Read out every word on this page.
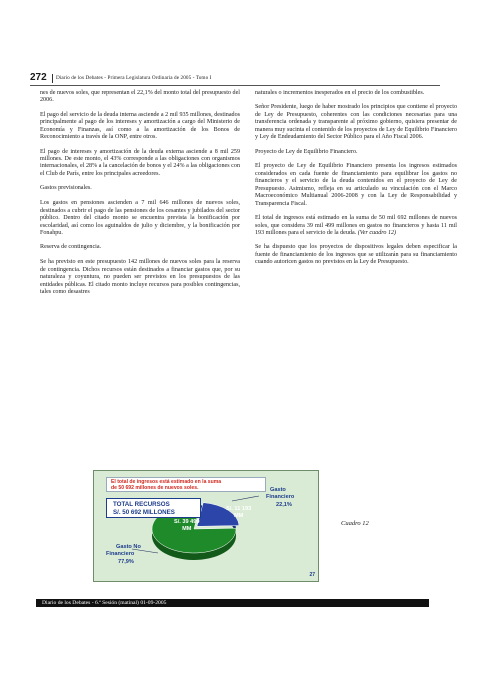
272	Diario de los Debates - Primera Legislatura Ordinaria de 2005 - Tomo I

nes de nuevos soles, que representan el 22,1% del monto total del presupuesto del 2006.

El pago del servicio de la deuda interna asciende a 2 mil 935 millones, destinados principalmente al pago de los intereses y amortización a cargo del Ministerio de Economía y Finanzas, así como a la amortización de los Bonos de Reconocimiento a través de la ONP, entre otros.

El pago de intereses y amortización de la deuda externa asciende a 8 mil 259 millones. De este monto, el 43% corresponde a las obligaciones con organismos internacionales, el 28% a la cancelación de bonos y el 24% a las obligaciones con el Club de París, entre los principales acreedores.

Gastos previsionales.

Los gastos en pensiones ascienden a 7 mil 646 millones de nuevos soles, destinados a cubrir el pago de las pensiones de los cesantes y jubilados del sector público. Dentro del citado monto se encuentra prevista la bonificación por escolaridad, así como los aguinaldos de julio y diciembre, y la bonificación por Fonahpu.

Reserva de contingencia.

Se ha previsto en este presupuesto 142 millones de nuevos soles para la reserva de contingencia. Dichos recursos están destinados a financiar gastos que, por su naturaleza y coyuntura, no pueden ser previstos en los presupuestos de las entidades públicas. El citado monto incluye recursos para posibles contingencias, tales como desastres

naturales o incrementos inesperados en el precio de los combustibles.

Señor Presidente, luego de haber mostrado los principios que contiene el proyecto de Ley de Presupuesto, coherentes con las condiciones necesarias para una transferencia ordenada y transparente al próximo gobierno, quisiera presentar de manera muy sucinta el contenido de los proyectos de Ley de Equilibrio Financiero y Ley de Endeudamiento del Sector Público para el Año Fiscal 2006.

Proyecto de Ley de Equilibrio Financiero.

El proyecto de Ley de Equilibrio Financiero presenta los ingresos estimados considerados en cada fuente de financiamiento para equilibrar los gastos no financieros y el servicio de la deuda contenidos en el proyecto de Ley de Presupuesto. Asimismo, refleja en su articulado su vinculación con el Marco Macroeconómico Multianual 2006-2008 y con la Ley de Responsabilidad y Transparencia Fiscal.

El total de ingresos está estimado en la suma de 50 mil 692 millones de nuevos soles, que considera 39 mil 499 millones en gastos no financieros y hasta 11 mil 193 millones para el servicio de la deuda. (Ver cuadro 12)

Se ha dispuesto que los proyectos de dispositivos legales deben especificar la fuente de financiamiento de los ingresos que se utilizarán para su financiamiento cuando autoricen gastos no previstos en la Ley de Presupuesto.

El total de ingresos está estimado en la suma
de 50 692 millones de nuevos soles.
TOTAL RECURSOS
S/. 50 692 MILLONES
S/. 39 499
MM
S/. 11 193
MM
Gasto
Financiero
22,1%
Gasto No
Financiero
77,9%
27
Cuadro 12
Diario de los Debates - 6.ª Sesión (matinal) 01-09-2005
